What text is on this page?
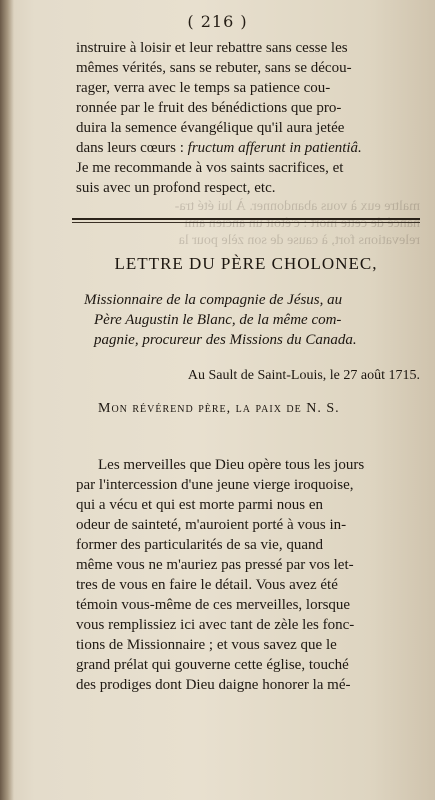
( 216 )
instruire à loisir et leur rebattre sans cesse les
mêmes vérités, sans se rebuter, sans se décou-
rager, verra avec le temps sa patience cou-
ronnée par le fruit des bénédictions que pro-
duira la semence évangélique qu'il aura jetée
dans leurs cœurs : fructum afferunt in patientiâ.
Je me recommande à vos saints sacrifices, et
suis avec un profond respect, etc.
maltre eux à vous abandonner. À lui été tra-
nancé de cette mort : c'étoit un ancien ami
relevations fort, à cause de son zèle pour la
LETTRE DU PÈRE CHOLONEC,
Missionnaire de la compagnie de Jésus, au
Père Augustin le Blanc, de la même com-
pagnie, procureur des Missions du Canada.
Au Sault de Saint-Louis, le 27 août 1715.
Mon révérend père, la paix de N. S.
Les merveilles que Dieu opère tous les jours
par l'intercession d'une jeune vierge iroquoise,
qui a vécu et qui est morte parmi nous en
odeur de sainteté, m'auroient porté à vous in-
former des particularités de sa vie, quand
même vous ne m'auriez pas pressé par vos let-
tres de vous en faire le détail. Vous avez été
témoin vous-même de ces merveilles, lorsque
vous remplissiez ici avec tant de zèle les fonc-
tions de Missionnaire ; et vous savez que le
grand prélat qui gouverne cette église, touché
des prodiges dont Dieu daigne honorer la mé-
